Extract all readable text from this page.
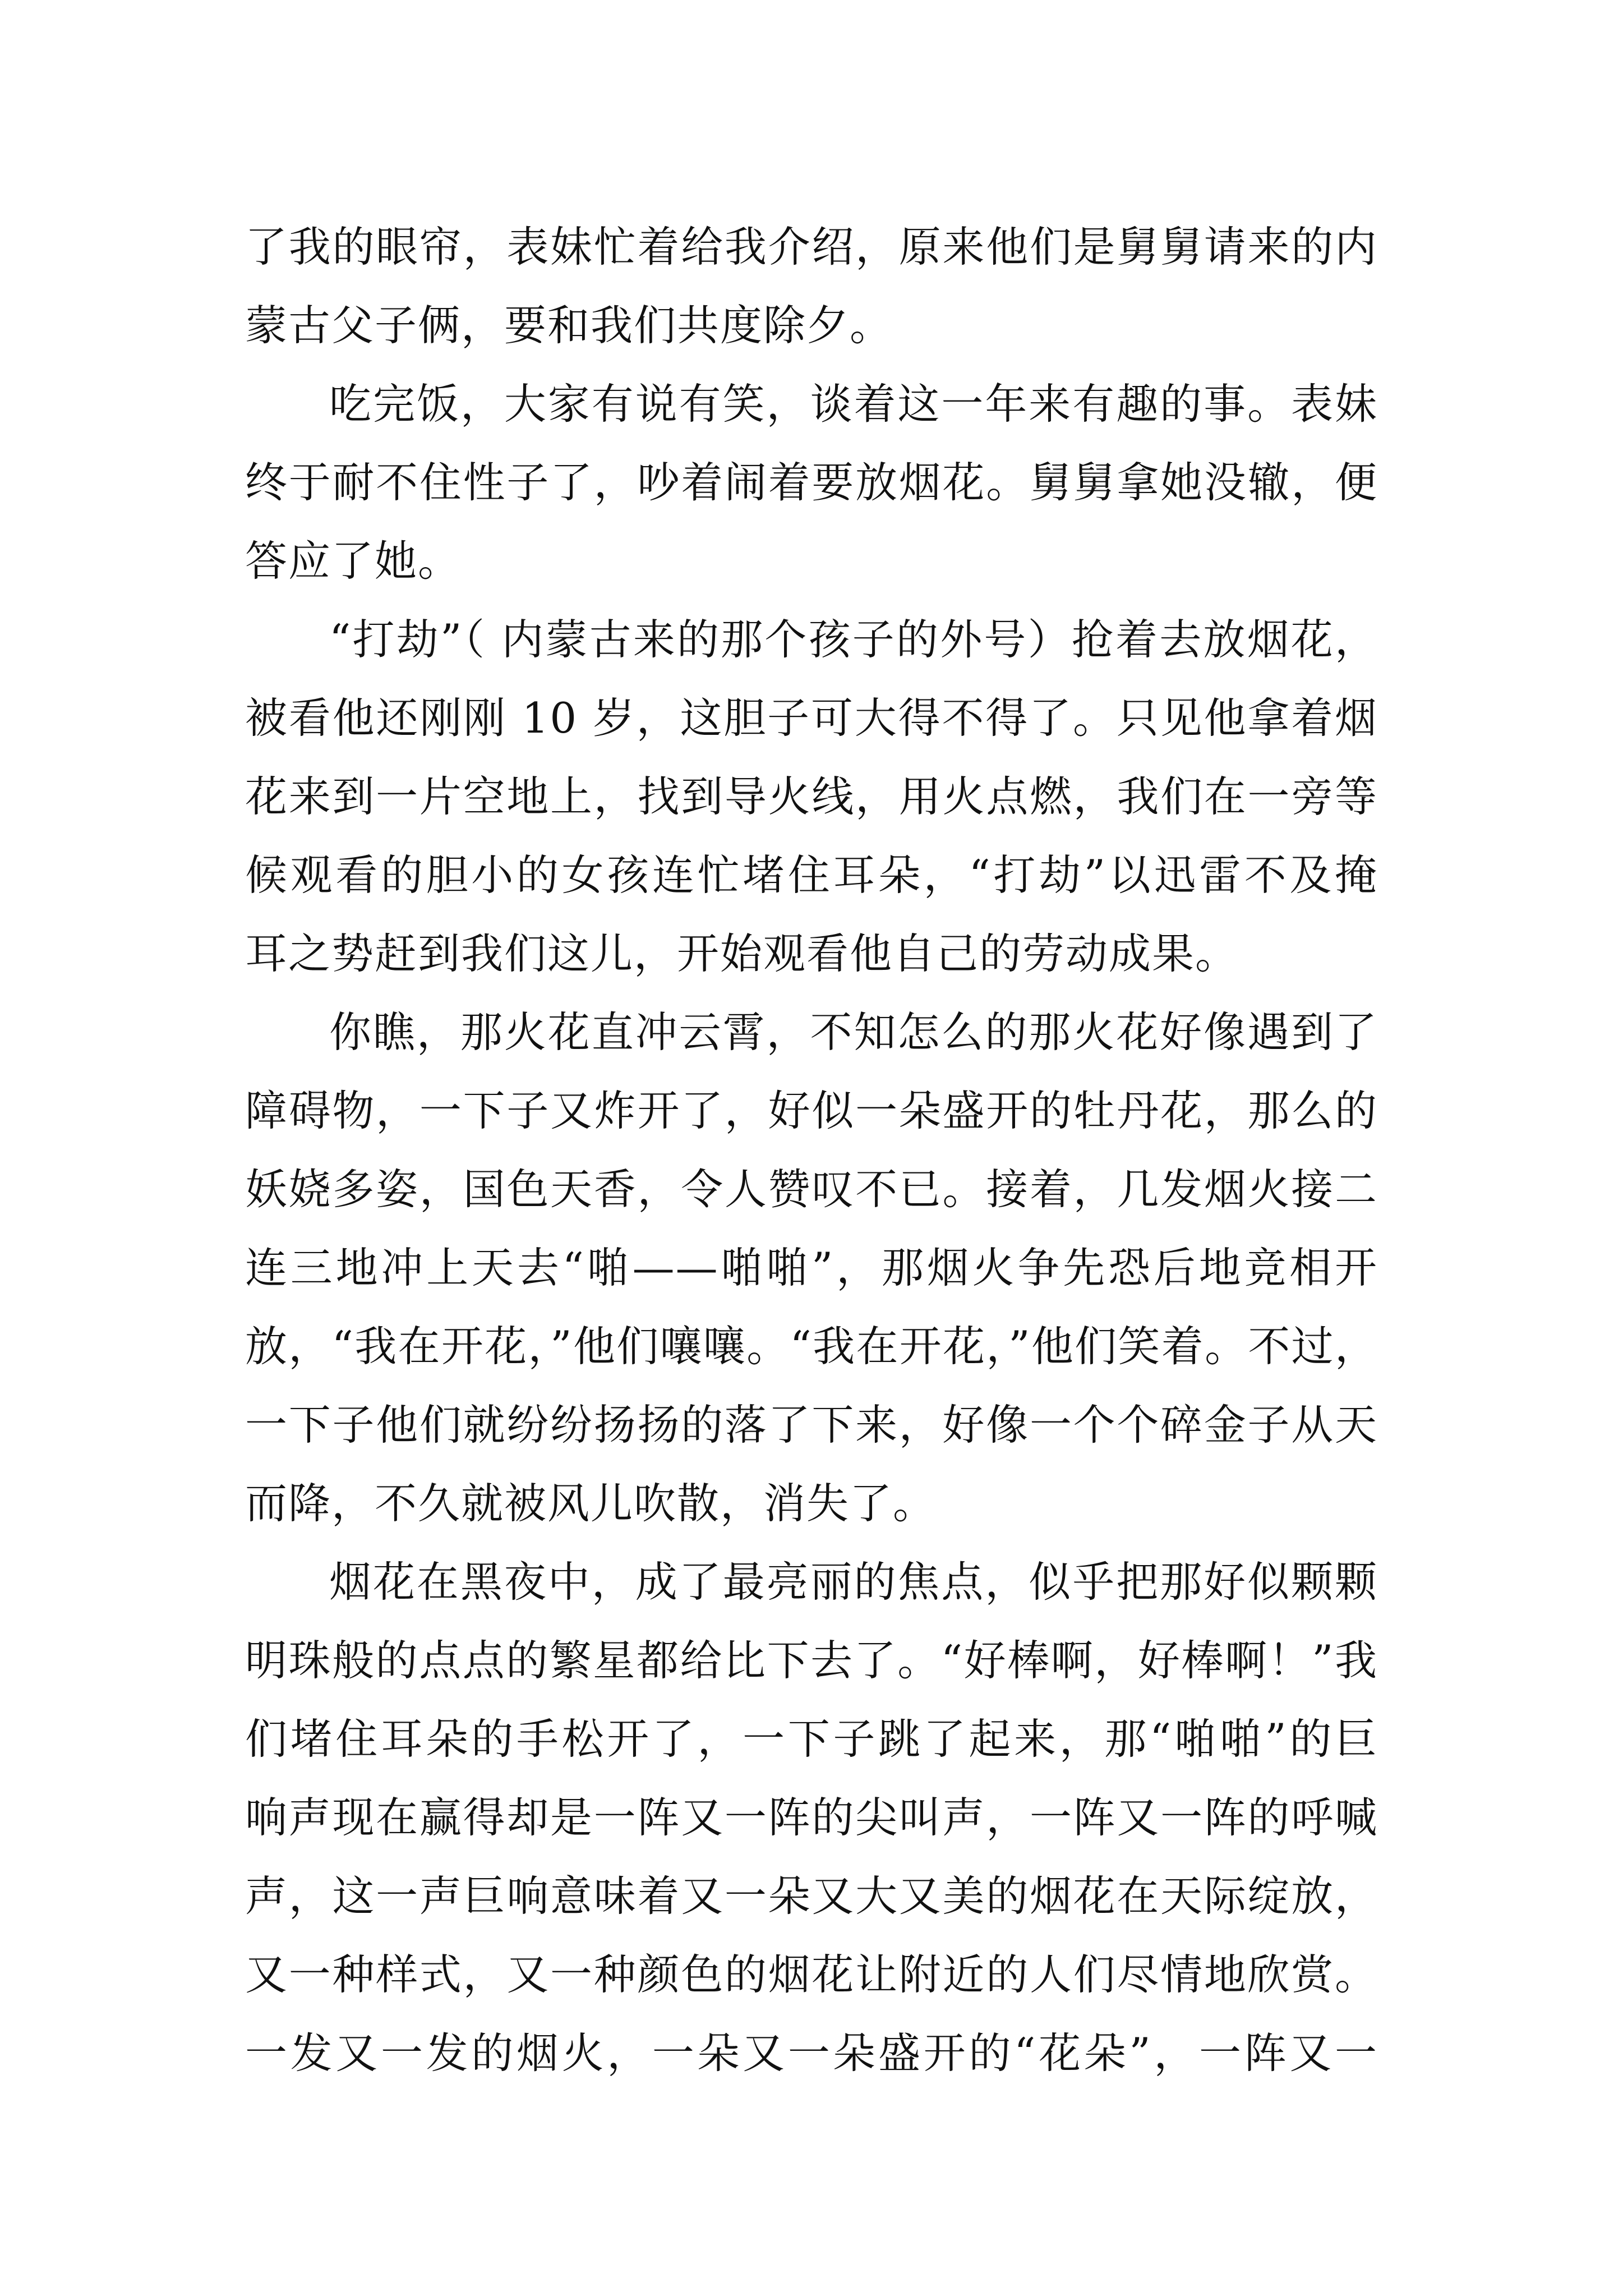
了我的眼帘，表妹忙着给我介绍，原来他们是舅舅请来的内
蒙古父子俩，要和我们共度除夕。

吃完饭，大家有说有笑，谈着这一年来有趣的事。表妹
终于耐不住性子了，吵着闹着要放烟花。舅舅拿她没辙，便
答应了她。

“打劫”（ 内蒙古来的那个孩子的外号）抢着去放烟花，
被看他还刚刚 10 岁，这胆子可大得不得了。只见他拿着烟
花来到一片空地上，找到导火线，用火点燃，我们在一旁等
候观看的胆小的女孩连忙堵住耳朵，“打劫”以迅雷不及掩
耳之势赶到我们这儿，开始观看他自己的劳动成果。

你瞧，那火花直冲云霄，不知怎么的那火花好像遇到了
障碍物，一下子又炸开了，好似一朵盛开的牡丹花，那么的
妖娆多姿，国色天香，令人赞叹不已。接着，几发烟火接二
连三地冲上天去“啪——啪啪”，那烟火争先恐后地竞相开
放，“我在开花，”他们嚷嚷。“我在开花，”他们笑着。不过，
一下子他们就纷纷扬扬的落了下来，好像一个个碎金子从天
而降，不久就被风儿吹散，消失了。

烟花在黑夜中，成了最亮丽的焦点，似乎把那好似颗颗
明珠般的点点的繁星都给比下去了。“好棒啊，好棒啊！”我
们堵住耳朵的手松开了，一下子跳了起来，那“啪啪”的巨
响声现在赢得却是一阵又一阵的尖叫声，一阵又一阵的呼喊
声，这一声巨响意味着又一朵又大又美的烟花在天际绽放，
又一种样式，又一种颜色的烟花让附近的人们尽情地欣赏。
一发又一发的烟火，一朵又一朵盛开的“花朵”，一阵又一
